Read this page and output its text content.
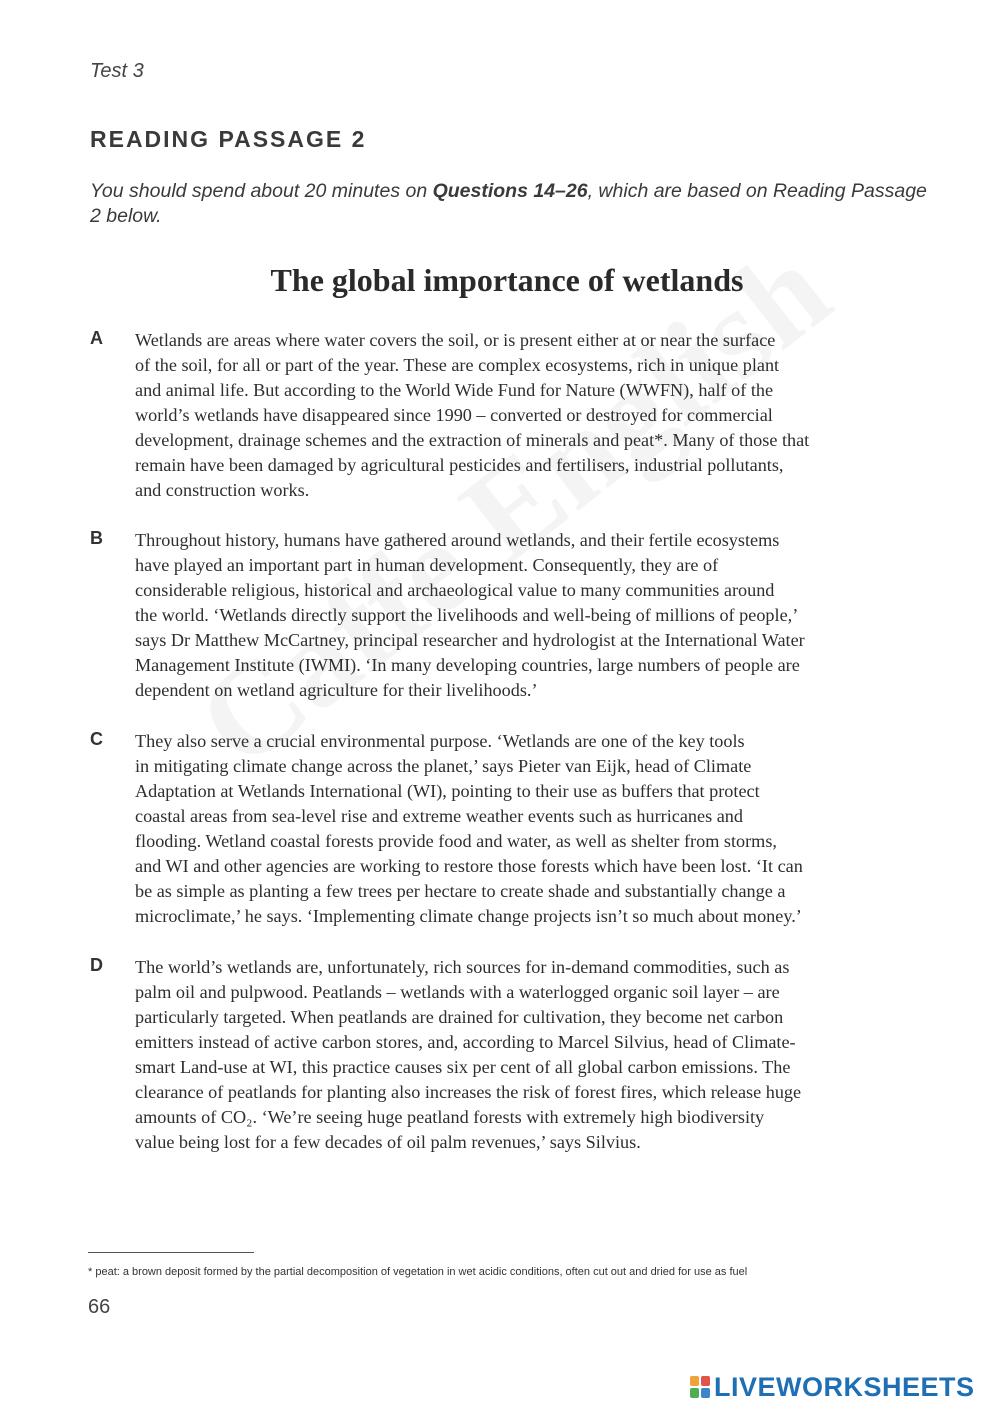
Test 3
READING PASSAGE 2
You should spend about 20 minutes on Questions 14–26, which are based on Reading Passage 2 below.
The global importance of wetlands
A Wetlands are areas where water covers the soil, or is present either at or near the surface
of the soil, for all or part of the year. These are complex ecosystems, rich in unique plant
and animal life. But according to the World Wide Fund for Nature (WWFN), half of the
world’s wetlands have disappeared since 1990 – converted or destroyed for commercial
development, drainage schemes and the extraction of minerals and peat*. Many of those that
remain have been damaged by agricultural pesticides and fertilisers, industrial pollutants,
and construction works.
B Throughout history, humans have gathered around wetlands, and their fertile ecosystems
have played an important part in human development. Consequently, they are of
considerable religious, historical and archaeological value to many communities around
the world. ‘Wetlands directly support the livelihoods and well-being of millions of people,’
says Dr Matthew McCartney, principal researcher and hydrologist at the International Water
Management Institute (IWMI). ‘In many developing countries, large numbers of people are
dependent on wetland agriculture for their livelihoods.’
C They also serve a crucial environmental purpose. ‘Wetlands are one of the key tools
in mitigating climate change across the planet,’ says Pieter van Eijk, head of Climate
Adaptation at Wetlands International (WI), pointing to their use as buffers that protect
coastal areas from sea-level rise and extreme weather events such as hurricanes and
flooding. Wetland coastal forests provide food and water, as well as shelter from storms,
and WI and other agencies are working to restore those forests which have been lost. ‘It can
be as simple as planting a few trees per hectare to create shade and substantially change a
microclimate,’ he says. ‘Implementing climate change projects isn’t so much about money.’
D The world’s wetlands are, unfortunately, rich sources for in-demand commodities, such as
palm oil and pulpwood. Peatlands – wetlands with a waterlogged organic soil layer – are
particularly targeted. When peatlands are drained for cultivation, they become net carbon
emitters instead of active carbon stores, and, according to Marcel Silvius, head of Climate-
smart Land-use at WI, this practice causes six per cent of all global carbon emissions. The
clearance of peatlands for planting also increases the risk of forest fires, which release huge
amounts of CO₂. ‘We’re seeing huge peatland forests with extremely high biodiversity
value being lost for a few decades of oil palm revenues,’ says Silvius.
* peat: a brown deposit formed by the partial decomposition of vegetation in wet acidic conditions, often cut out and dried for use as fuel
66
LIVEWORKSHEETS
